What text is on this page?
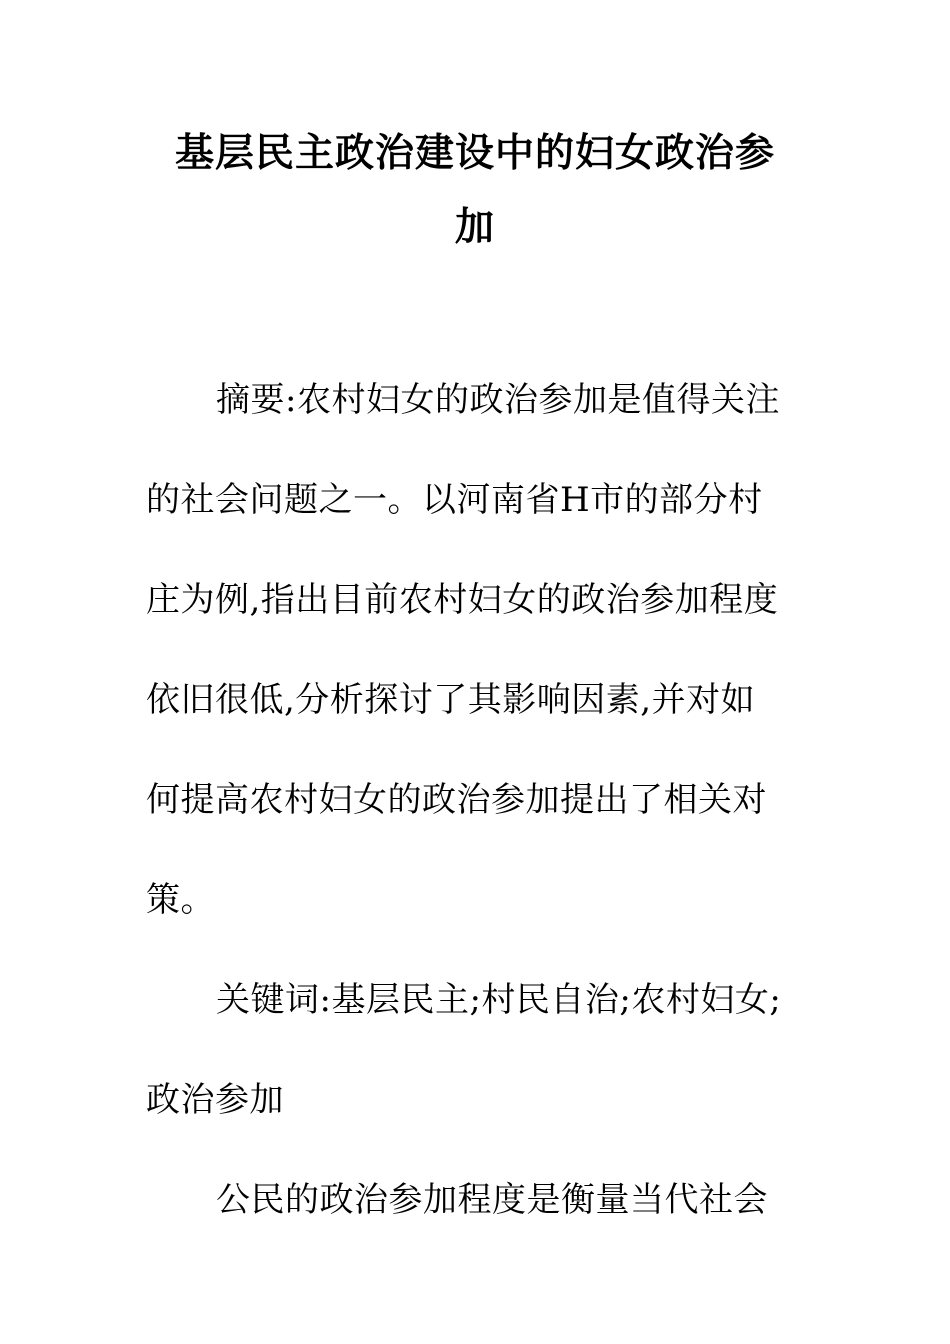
基层民主政治建设中的妇女政治参
加
摘要:农村妇女的政治参加是值得关注
的社会问题之一。以河南省H市的部分村
庄为例,指出目前农村妇女的政治参加程度
依旧很低,分析探讨了其影响因素,并对如
何提高农村妇女的政治参加提出了相关对
策。
关键词:基层民主;村民自治;农村妇女;
政治参加
公民的政治参加程度是衡量当代社会
